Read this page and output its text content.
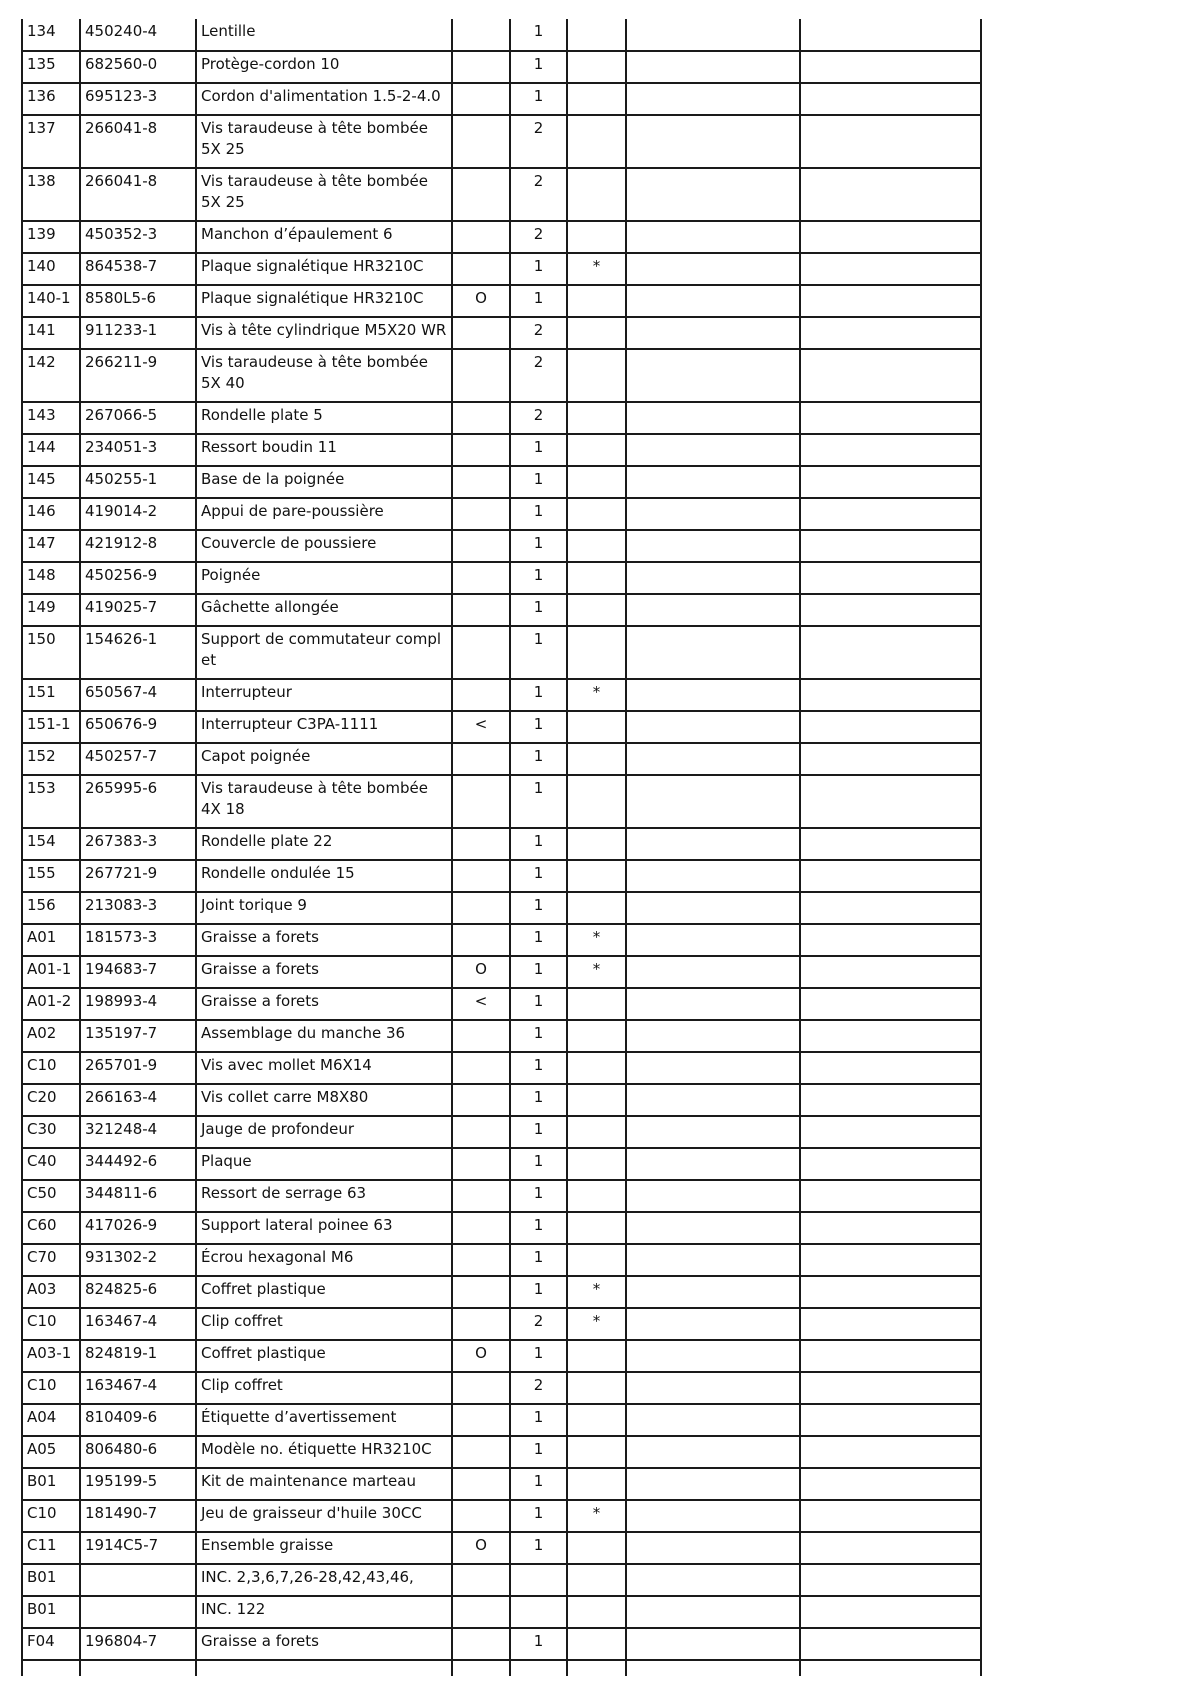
134	450240-4	Lentille		1			
135	682560-0	Protège-cordon 10		1			
136	695123-3	Cordon d'alimentation 1.5-2-4.0		1			
137	266041-8	Vis taraudeuse à tête bombée 5X 25		2			
138	266041-8	Vis taraudeuse à tête bombée 5X 25		2			
139	450352-3	Manchon d’épaulement 6		2			
140	864538-7	Plaque signalétique HR3210C		1	*		
140-1	8580L5-6	Plaque signalétique HR3210C	O	1			
141	911233-1	Vis à tête cylindrique M5X20 WR		2			
142	266211-9	Vis taraudeuse à tête bombée 5X 40		2			
143	267066-5	Rondelle plate 5		2			
144	234051-3	Ressort boudin 11		1			
145	450255-1	Base de la poignée		1			
146	419014-2	Appui de pare-poussière		1			
147	421912-8	Couvercle de poussiere		1			
148	450256-9	Poignée		1			
149	419025-7	Gâchette allongée		1			
150	154626-1	Support de commutateur compl et		1			
151	650567-4	Interrupteur		1	*		
151-1	650676-9	Interrupteur C3PA-1111	<	1			
152	450257-7	Capot poignée		1			
153	265995-6	Vis taraudeuse à tête bombée 4X 18		1			
154	267383-3	Rondelle plate 22		1			
155	267721-9	Rondelle ondulée 15		1			
156	213083-3	Joint torique 9		1			
A01	181573-3	Graisse a forets		1	*		
A01-1	194683-7	Graisse a forets	O	1	*		
A01-2	198993-4	Graisse a forets	<	1			
A02	135197-7	Assemblage du manche 36		1			
C10	265701-9	Vis avec mollet M6X14		1			
C20	266163-4	Vis collet carre M8X80		1			
C30	321248-4	Jauge de profondeur		1			
C40	344492-6	Plaque		1			
C50	344811-6	Ressort de serrage 63		1			
C60	417026-9	Support lateral poinee 63		1			
C70	931302-2	Écrou hexagonal M6		1			
A03	824825-6	Coffret plastique		1	*		
C10	163467-4	Clip coffret		2	*		
A03-1	824819-1	Coffret plastique	O	1			
C10	163467-4	Clip coffret		2			
A04	810409-6	Étiquette d’avertissement		1			
A05	806480-6	Modèle no. étiquette HR3210C		1			
B01	195199-5	Kit de maintenance marteau		1			
C10	181490-7	Jeu de graisseur d'huile 30CC		1	*		
C11	1914C5-7	Ensemble graisse	O	1			
B01		INC. 2,3,6,7,26-28,42,43,46,					
B01		INC. 122					
F04	196804-7	Graisse a forets		1			
